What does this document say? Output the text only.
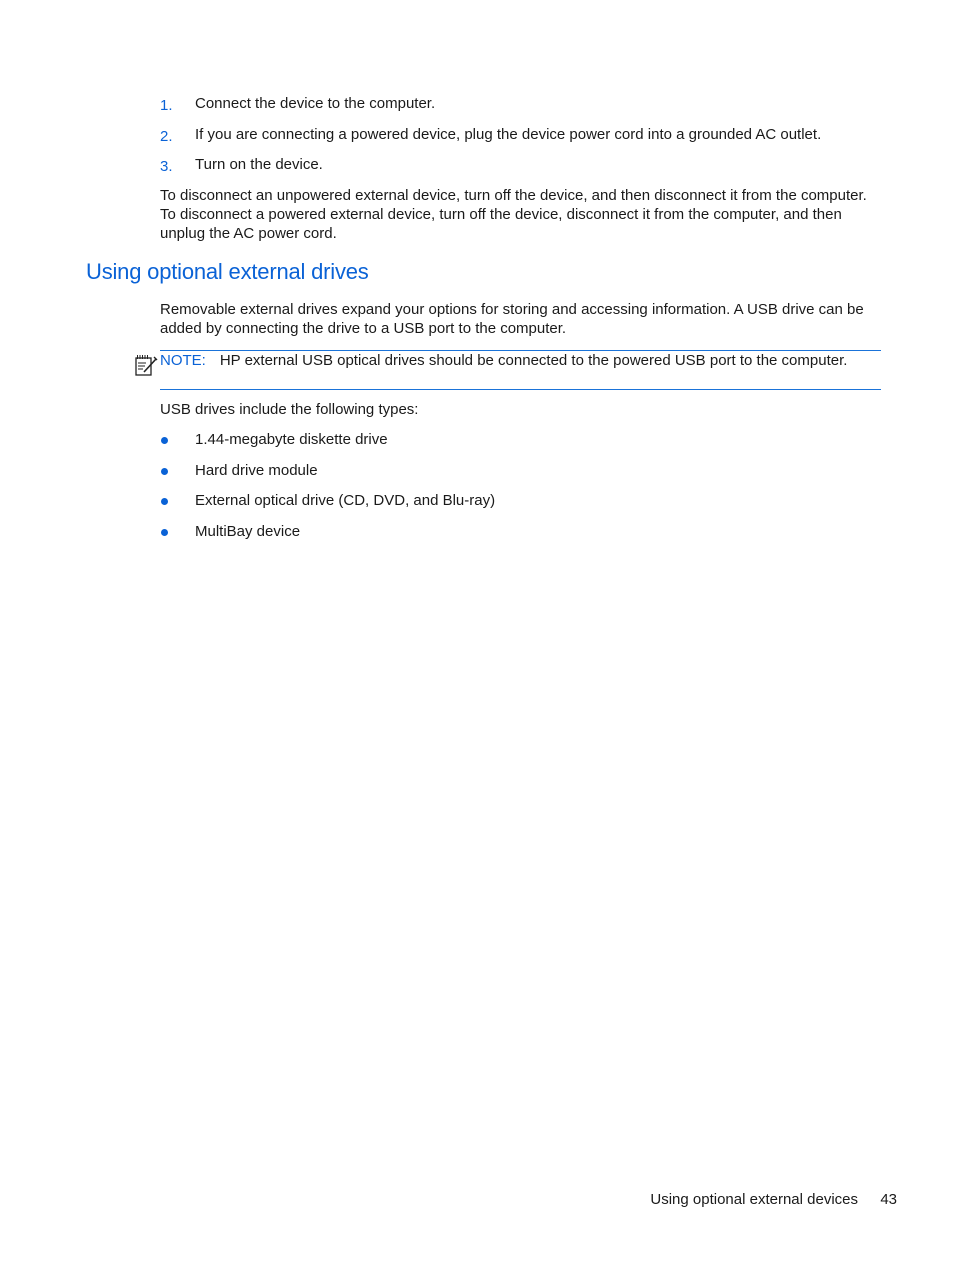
1. Connect the device to the computer.
2. If you are connecting a powered device, plug the device power cord into a grounded AC outlet.
3. Turn on the device.

To disconnect an unpowered external device, turn off the device, and then disconnect it from the computer. To disconnect a powered external device, turn off the device, disconnect it from the computer, and then unplug the AC power cord.

Using optional external drives

Removable external drives expand your options for storing and accessing information. A USB drive can be added by connecting the drive to a USB port to the computer.

NOTE: HP external USB optical drives should be connected to the powered USB port to the computer.

USB drives include the following types:

1.44-megabyte diskette drive
Hard drive module
External optical drive (CD, DVD, and Blu-ray)
MultiBay device
Using optional external devices 43
